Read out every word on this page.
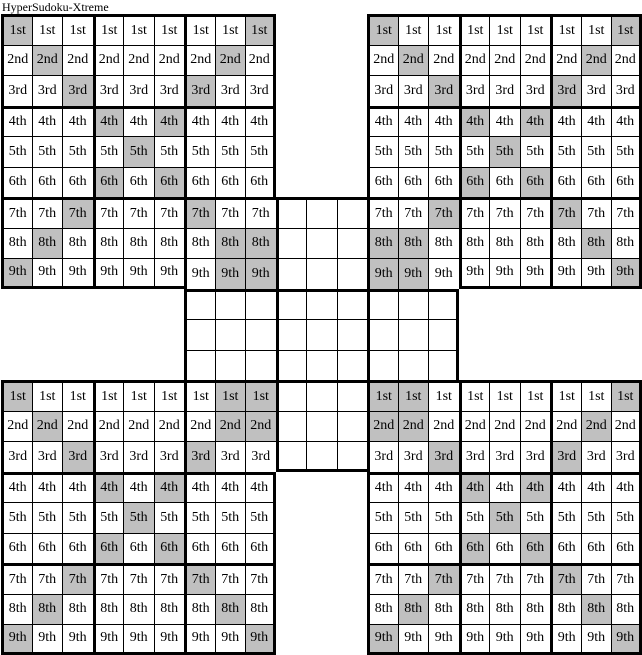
HyperSudoku-Xtreme
1st 1st	1st	1st 1st	1st	1st 1st 1st	1st 1st	1st	1st 1st	1st	1st 1st 1st
2nd 2nd 2nd 2nd 2nd 2nd 2nd 2nd 2nd	2nd 2nd 2nd 2nd 2nd 2nd 2nd 2nd 2nd
3rd 3rd 3rd 3rd 3rd 3rd 3rd 3rd 3rd	3rd 3rd 3rd 3rd 3rd 3rd 3rd 3rd 3rd
4th 4th 4th 4th 4th 4th 4th 4th 4th	4th 4th 4th 4th 4th 4th 4th 4th 4th
5th 5th 5th 5th 5th 5th 5th 5th 5th	5th 5th 5th 5th 5th 5th 5th 5th 5th
6th 6th 6th 6th 6th 6th 6th 6th 6th	6th 6th 6th 6th 6th 6th 6th 6th 6th
7th 7th 7th 7th 7th 7th 7th 7th 7th	7th 7th 7th 7th 7th 7th 7th 7th 7th
8th 8th 8th 8th 8th 8th 8th 8th 8th	8th 8th 8th 8th 8th 8th 8th 8th 8th
9th 9th 9th 9th 9th 9th 9th 9th 9th	9th 9th 9th 9th 9th 9th 9th 9th 9th
1st 1st	1st	1st 1st	1st	1st 1st	1st	1st 1st	1st	1st 1st	1st	1st 1st 1st
2nd 2nd 2nd 2nd 2nd 2nd 2nd 2nd 2nd	2nd 2nd 2nd 2nd 2nd 2nd 2nd 2nd 2nd
3rd 3rd 3rd 3rd 3rd 3rd 3rd 3rd 3rd	3rd 3rd 3rd 3rd 3rd 3rd 3rd 3rd 3rd
4th 4th 4th 4th 4th 4th 4th 4th 4th	4th 4th 4th 4th 4th 4th 4th 4th 4th
5th 5th 5th 5th 5th 5th 5th 5th 5th	5th 5th 5th 5th 5th 5th 5th 5th 5th
6th 6th 6th 6th 6th 6th 6th 6th 6th	6th 6th 6th 6th 6th 6th 6th 6th 6th
7th 7th 7th 7th 7th 7th 7th 7th 7th	7th 7th 7th 7th 7th 7th 7th 7th 7th
8th 8th 8th 8th 8th 8th 8th 8th 8th	8th 8th 8th 8th 8th 8th 8th 8th 8th
9th 9th 9th 9th 9th 9th 9th 9th 9th	9th 9th 9th 9th 9th 9th 9th 9th 9th
